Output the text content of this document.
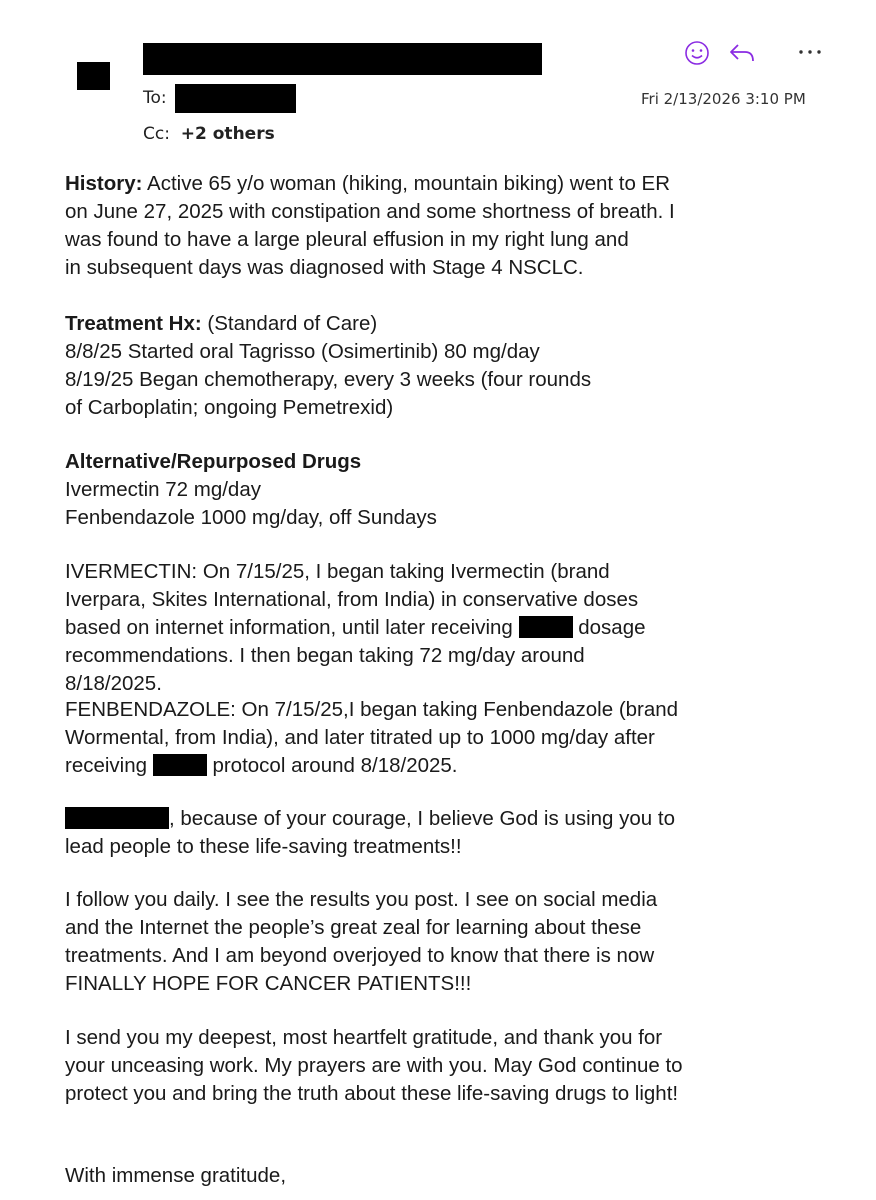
To:
Cc: +2 others
Fri 2/13/2026 3:10 PM
History: Active 65 y/o woman (hiking, mountain biking) went to ER
on June 27, 2025 with constipation and some shortness of breath. I
was found to have a large pleural effusion in my right lung and
in subsequent days was diagnosed with Stage 4 NSCLC.
Treatment Hx: (Standard of Care)
8/8/25 Started oral Tagrisso (Osimertinib) 80 mg/day
8/19/25 Began chemotherapy, every 3 weeks (four rounds
of Carboplatin; ongoing Pemetrexid)
Alternative/Repurposed Drugs
Ivermectin 72 mg/day
Fenbendazole 1000 mg/day, off Sundays
IVERMECTIN: On 7/15/25, I began taking Ivermectin (brand
Iverpara, Skites International, from India) in conservative doses
based on internet information, until later receiving	dosage
recommendations. I then began taking 72 mg/day around
8/18/2025.
FENBENDAZOLE: On 7/15/25,I began taking Fenbendazole (brand
Wormental, from India), and later titrated up to 1000 mg/day after
receiving	protocol around 8/18/2025.
, because of your courage, I believe God is using you to
lead people to these life-saving treatments!!
I follow you daily. I see the results you post. I see on social media
and the Internet the people’s great zeal for learning about these
treatments. And I am beyond overjoyed to know that there is now
FINALLY HOPE FOR CANCER PATIENTS!!!
I send you my deepest, most heartfelt gratitude, and thank you for
your unceasing work. My prayers are with you. May God continue to
protect you and bring the truth about these life-saving drugs to light!
With immense gratitude,
